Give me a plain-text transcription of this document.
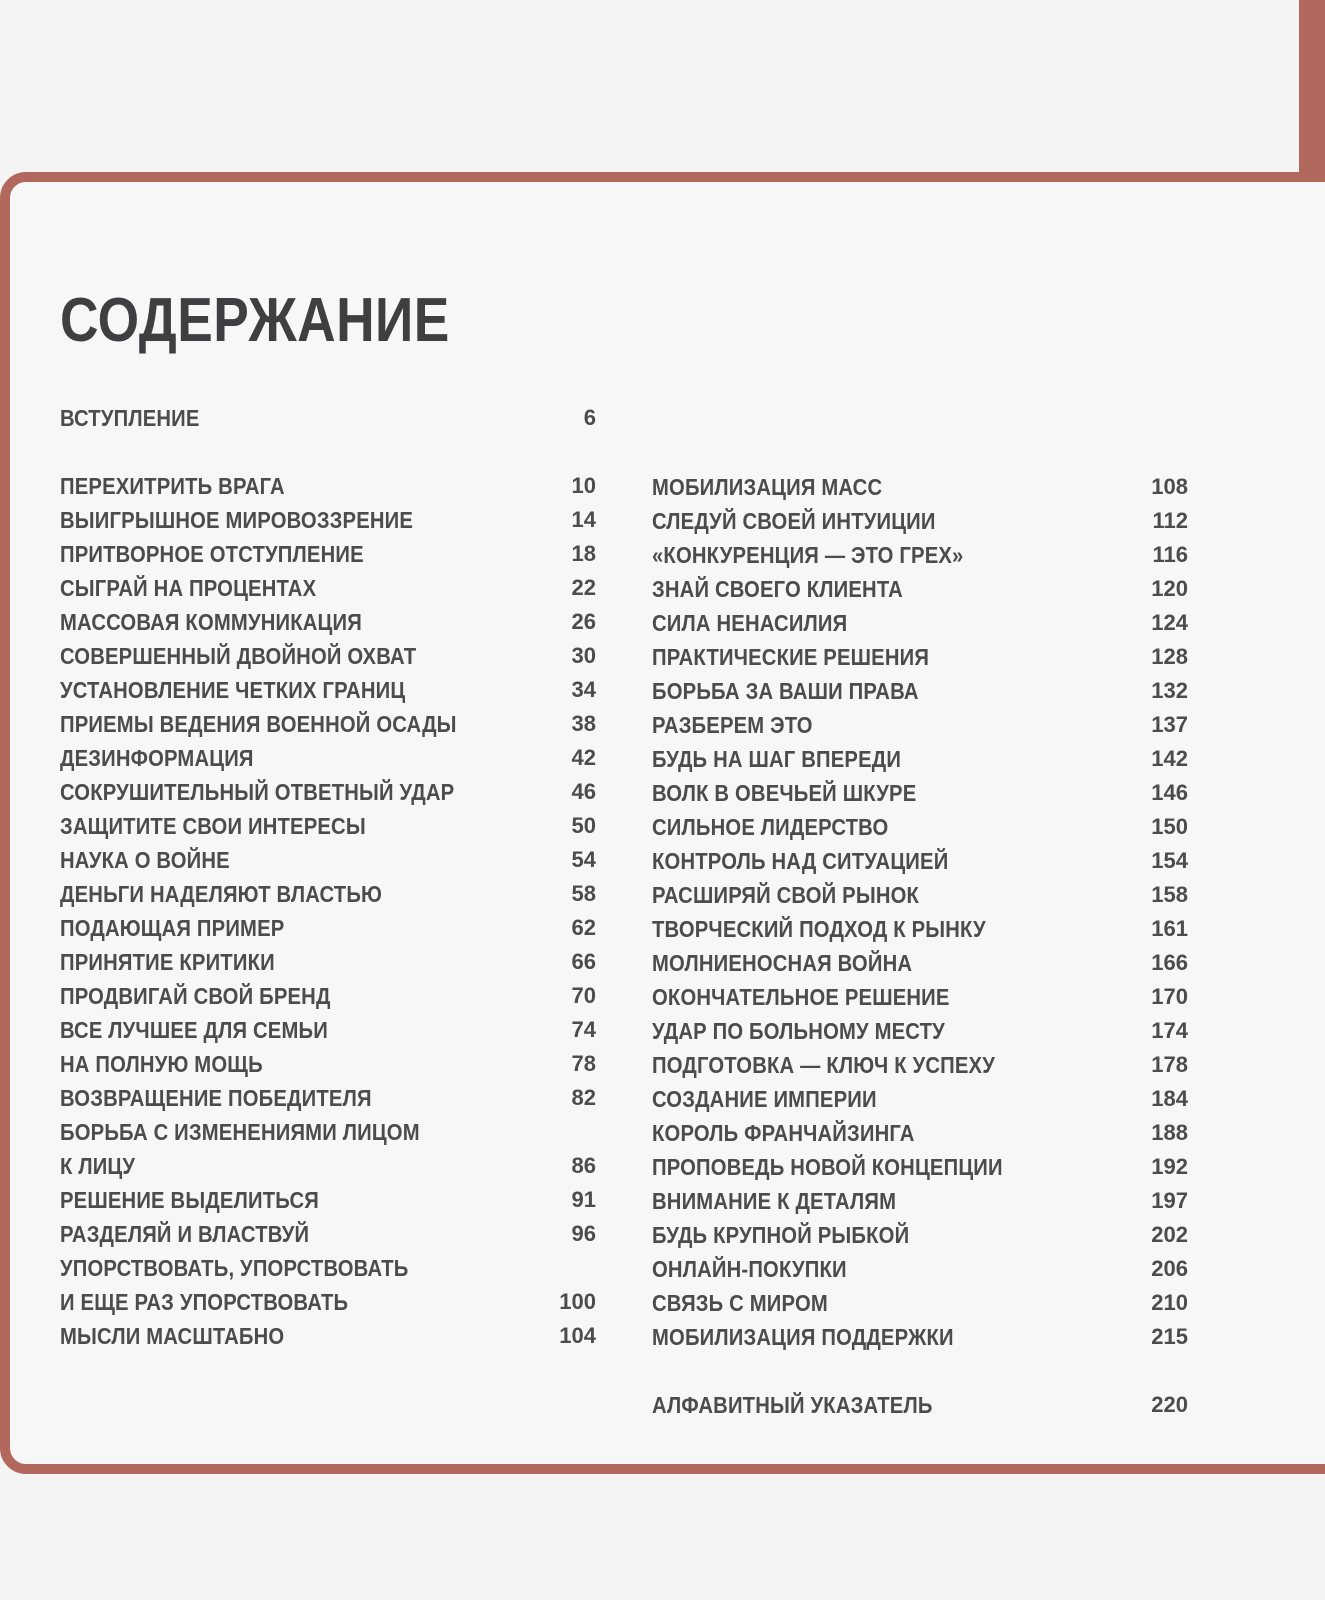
СОДЕРЖАНИЕ
ВСТУПЛЕНИЕ	6
ПЕРЕХИТРИТЬ ВРАГА	10
ВЫИГРЫШНОЕ МИРОВОЗЗРЕНИЕ	14
ПРИТВОРНОЕ ОТСТУПЛЕНИЕ	18
СЫГРАЙ НА ПРОЦЕНТАХ	22
МАССОВАЯ КОММУНИКАЦИЯ	26
СОВЕРШЕННЫЙ ДВОЙНОЙ ОХВАТ	30
УСТАНОВЛЕНИЕ ЧЕТКИХ ГРАНИЦ	34
ПРИЕМЫ ВЕДЕНИЯ ВОЕННОЙ ОСАДЫ	38
ДЕЗИНФОРМАЦИЯ	42
СОКРУШИТЕЛЬНЫЙ ОТВЕТНЫЙ УДАР	46
ЗАЩИТИТЕ СВОИ ИНТЕРЕСЫ	50
НАУКА О ВОЙНЕ	54
ДЕНЬГИ НАДЕЛЯЮТ ВЛАСТЬЮ	58
ПОДАЮЩАЯ ПРИМЕР	62
ПРИНЯТИЕ КРИТИКИ	66
ПРОДВИГАЙ СВОЙ БРЕНД	70
ВСЕ ЛУЧШЕЕ ДЛЯ СЕМЬИ	74
НА ПОЛНУЮ МОЩЬ	78
ВОЗВРАЩЕНИЕ ПОБЕДИТЕЛЯ	82
БОРЬБА С ИЗМЕНЕНИЯМИ ЛИЦОМ
К ЛИЦУ	86
РЕШЕНИЕ ВЫДЕЛИТЬСЯ	91
РАЗДЕЛЯЙ И ВЛАСТВУЙ	96
УПОРСТВОВАТЬ, УПОРСТВОВАТЬ
И ЕЩЕ РАЗ УПОРСТВОВАТЬ	100
МЫСЛИ МАСШТАБНО	104
МОБИЛИЗАЦИЯ МАСС	108
СЛЕДУЙ СВОЕЙ ИНТУИЦИИ	112
«КОНКУРЕНЦИЯ — ЭТО ГРЕХ»	116
ЗНАЙ СВОЕГО КЛИЕНТА	120
СИЛА НЕНАСИЛИЯ	124
ПРАКТИЧЕСКИЕ РЕШЕНИЯ	128
БОРЬБА ЗА ВАШИ ПРАВА	132
РАЗБЕРЕМ ЭТО	137
БУДЬ НА ШАГ ВПЕРЕДИ	142
ВОЛК В ОВЕЧЬЕЙ ШКУРЕ	146
СИЛЬНОЕ ЛИДЕРСТВО	150
КОНТРОЛЬ НАД СИТУАЦИЕЙ	154
РАСШИРЯЙ СВОЙ РЫНОК	158
ТВОРЧЕСКИЙ ПОДХОД К РЫНКУ	161
МОЛНИЕНОСНАЯ ВОЙНА	166
ОКОНЧАТЕЛЬНОЕ РЕШЕНИЕ	170
УДАР ПО БОЛЬНОМУ МЕСТУ	174
ПОДГОТОВКА — КЛЮЧ К УСПЕХУ	178
СОЗДАНИЕ ИМПЕРИИ	184
КОРОЛЬ ФРАНЧАЙЗИНГА	188
ПРОПОВЕДЬ НОВОЙ КОНЦЕПЦИИ	192
ВНИМАНИЕ К ДЕТАЛЯМ	197
БУДЬ КРУПНОЙ РЫБКОЙ	202
ОНЛАЙН-ПОКУПКИ	206
СВЯЗЬ С МИРОМ	210
МОБИЛИЗАЦИЯ ПОДДЕРЖКИ	215
АЛФАВИТНЫЙ УКАЗАТЕЛЬ	220
